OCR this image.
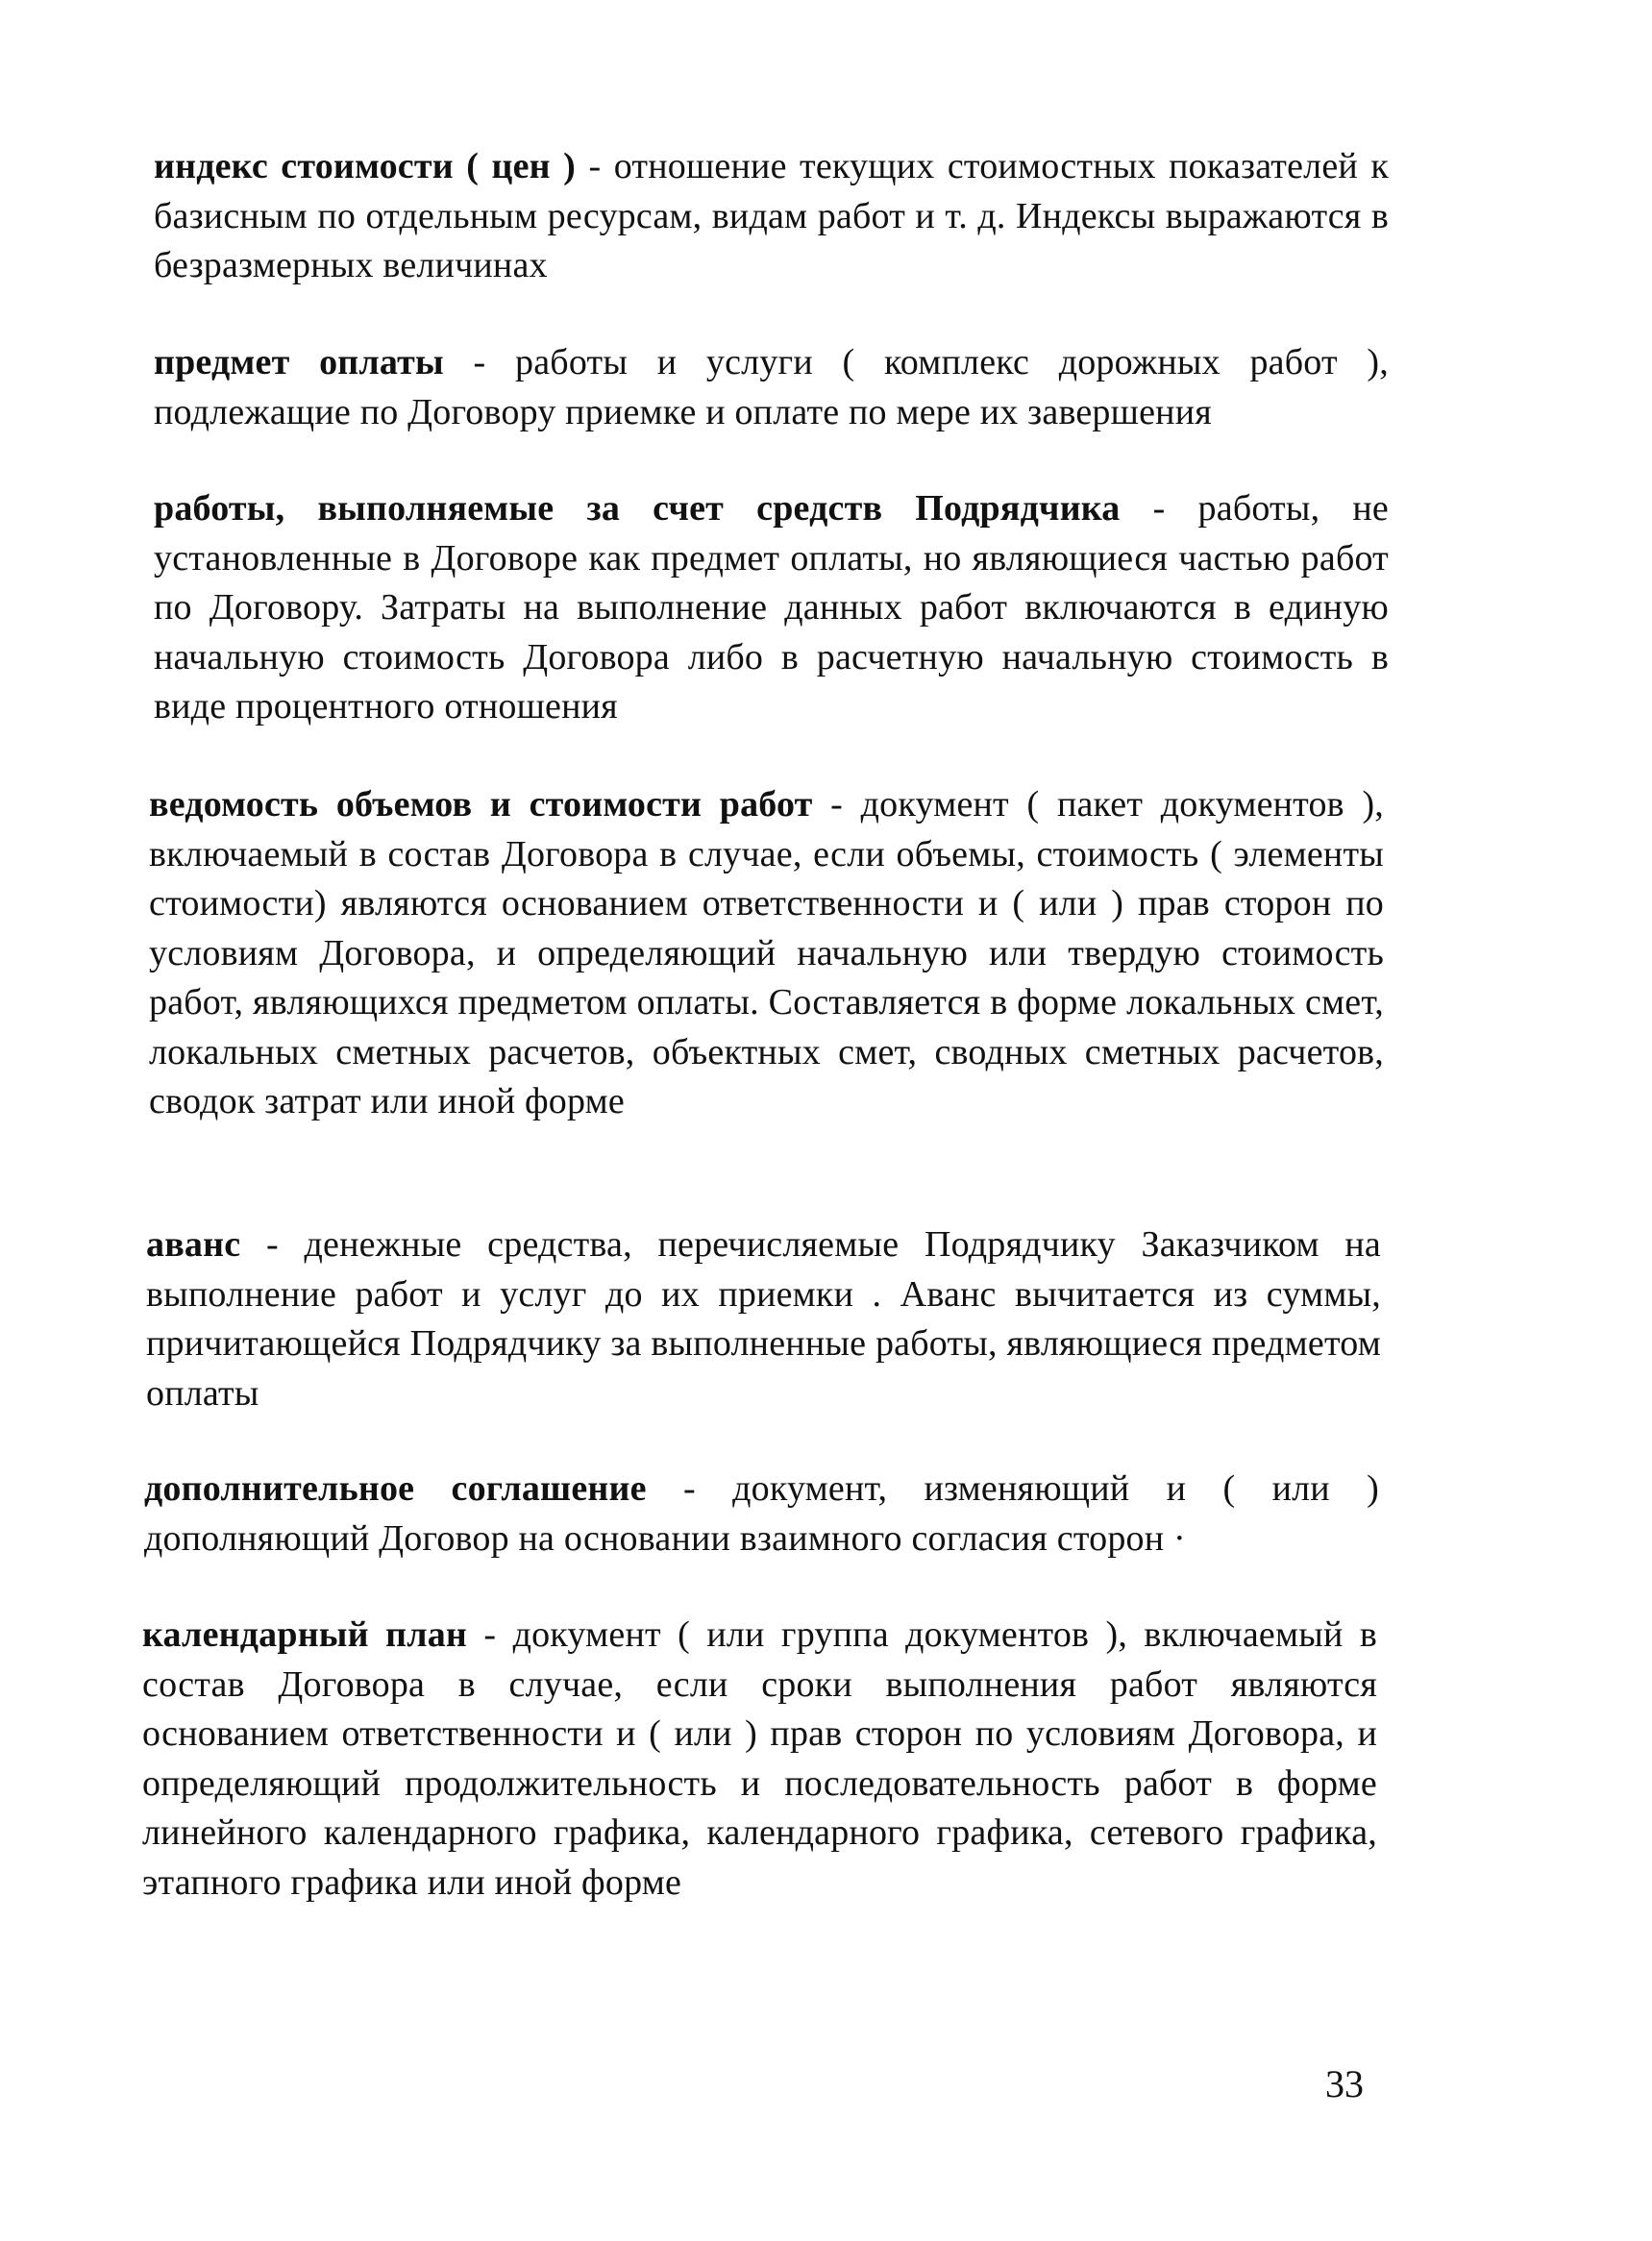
индекс стоимости ( цен ) - отношение текущих стоимостных показателей к базисным по отдельным ресурсам, видам работ и т. д. Индексы выражаются в безразмерных величинах

предмет оплаты - работы и услуги ( комплекс дорожных работ ), подлежащие по Договору приемке и оплате по мере их завершения

работы, выполняемые за счет средств Подрядчика - работы, не установленные в Договоре как предмет оплаты, но являющиеся частью работ по Договору. Затраты на выполнение данных работ включаются в единую начальную стоимость Договора либо в расчетную начальную стоимость в виде процентного отношения

ведомость объемов и стоимости работ - документ ( пакет документов ), включаемый в состав Договора в случае, если объемы, стоимость ( элементы стоимости) являются основанием ответственности и ( или ) прав сторон по условиям Договора, и определяющий начальную или твердую стоимость работ, являющихся предметом оплаты. Составляется в форме локальных смет, локальных сметных расчетов, объектных смет, сводных сметных расчетов, сводок затрат или иной форме

аванс - денежные средства, перечисляемые Подрядчику Заказчиком на выполнение работ и услуг до их приемки . Аванс вычитается из суммы, причитающейся Подрядчику за выполненные работы, являющиеся предметом оплаты

дополнительное соглашение - документ, изменяющий и ( или ) дополняющий Договор на основании взаимного согласия сторон ·

календарный план - документ ( или группа документов ), включаемый в состав Договора в случае, если сроки выполнения работ являются основанием ответственности и ( или ) прав сторон по условиям Договора, и определяющий продолжительность и последовательность работ в форме линейного календарного графика, календарного графика, сетевого графика, этапного графика или иной форме

33
